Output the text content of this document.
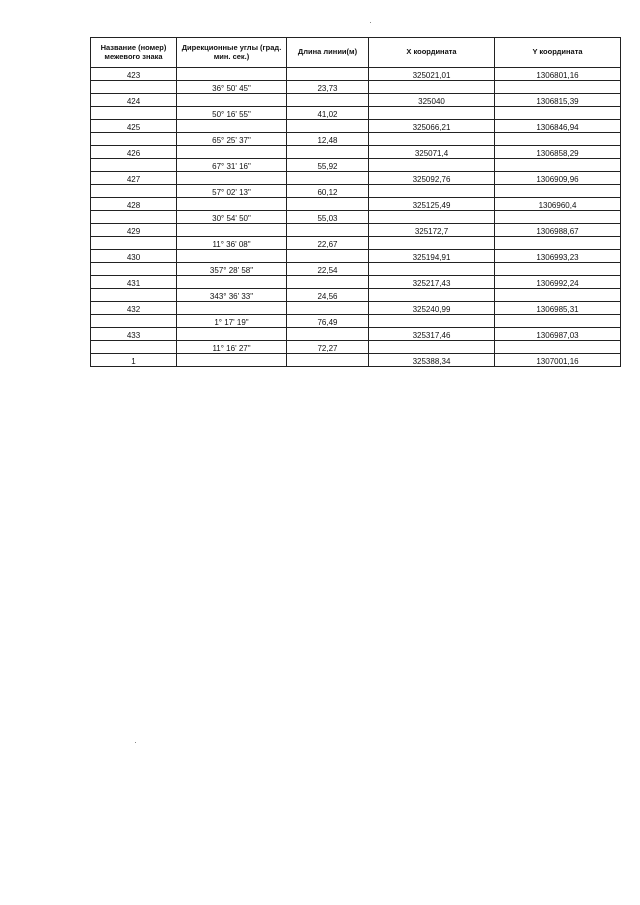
Название (номер) межевого знака	Дирекционные углы (град. мин. сек.)	Длина линии(м)	X координата	Y координата
423			325021,01	1306801,16
	36° 50' 45"	23,73		
424			325040	1306815,39
	50° 16' 55"	41,02		
425			325066,21	1306846,94
	65° 25' 37"	12,48		
426			325071,4	1306858,29
	67° 31' 16"	55,92		
427			325092,76	1306909,96
	57° 02' 13"	60,12		
428			325125,49	1306960,4
	30° 54' 50"	55,03		
429			325172,7	1306988,67
	11° 36' 08"	22,67		
430			325194,91	1306993,23
	357° 28' 58"	22,54		
431			325217,43	1306992,24
	343° 36' 33"	24,56		
432			325240,99	1306985,31
	1° 17' 19"	76,49		
433			325317,46	1306987,03
	11° 16' 27"	72,27		
1			325388,34	1307001,16
